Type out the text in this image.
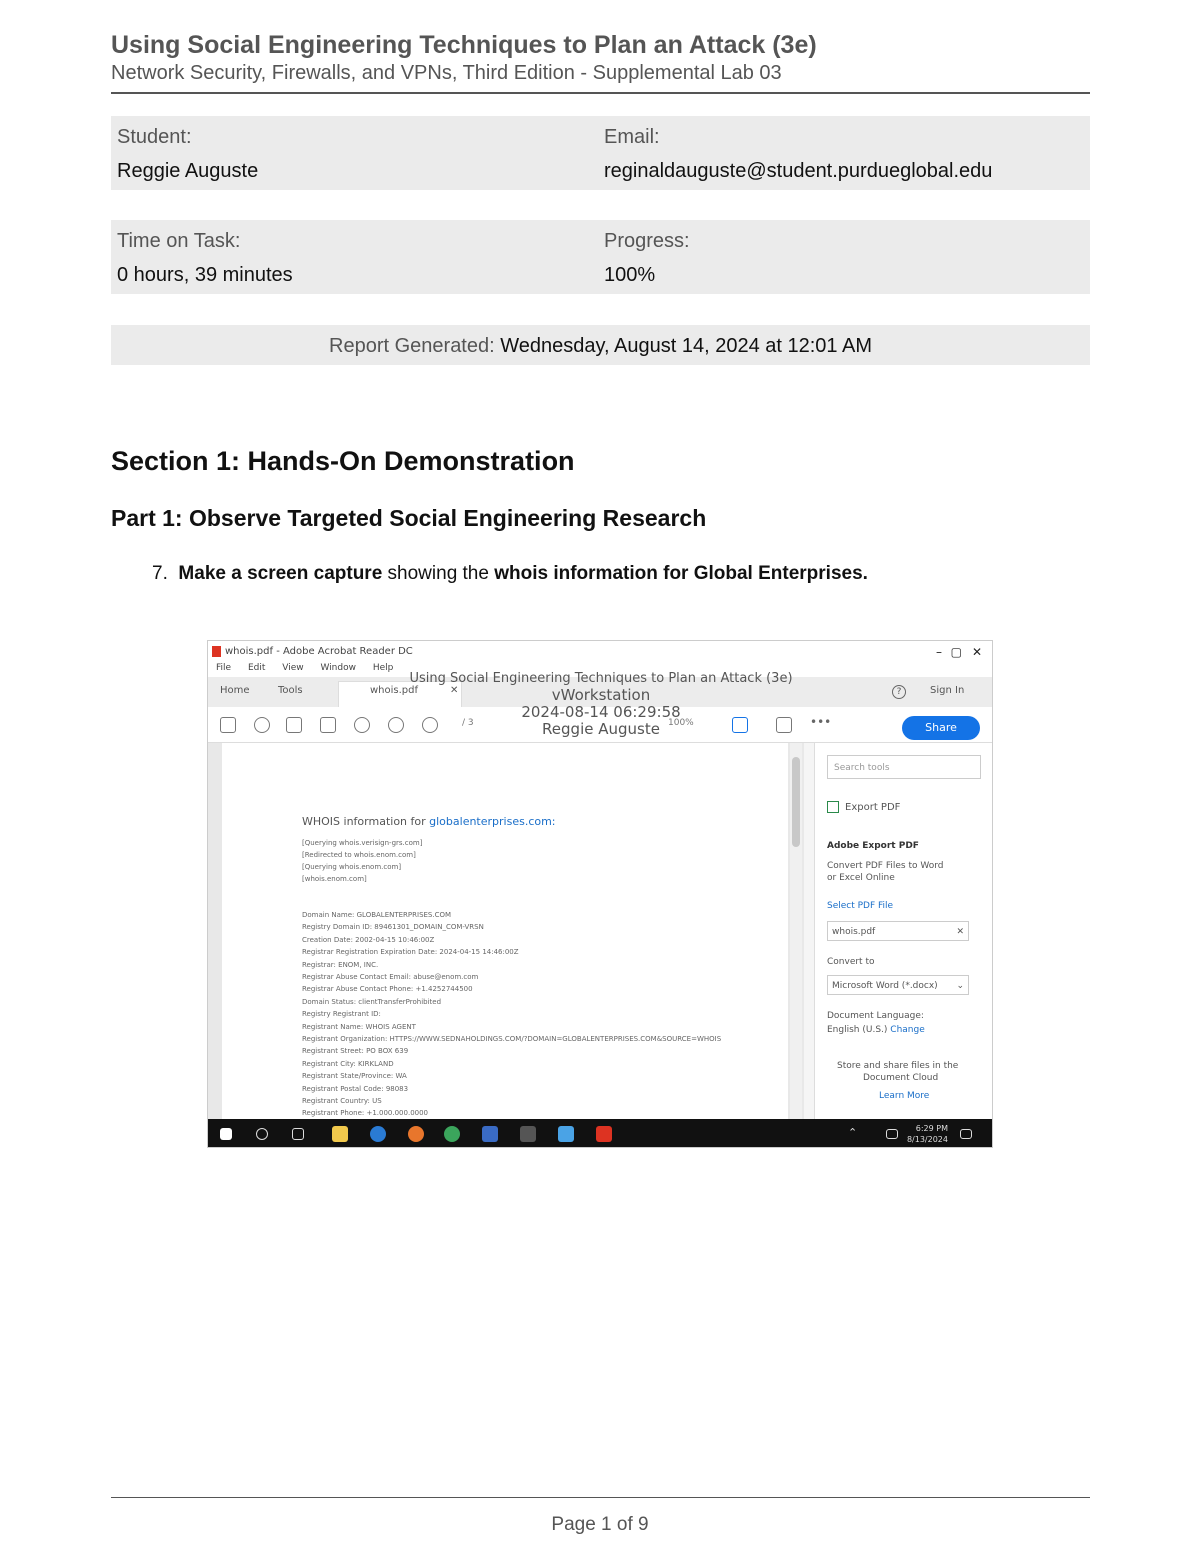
Using Social Engineering Techniques to Plan an Attack (3e)
Network Security, Firewalls, and VPNs, Third Edition - Supplemental Lab 03
Student:
Reggie Auguste
Email:
reginaldauguste@student.purdueglobal.edu
Time on Task:
0 hours, 39 minutes
Progress:
100%
Report Generated: Wednesday, August 14, 2024 at 12:01 AM
Section 1: Hands-On Demonstration
Part 1: Observe Targeted Social Engineering Research
7. Make a screen capture showing the whois information for Global Enterprises.
whois.pdf - Adobe Acrobat Reader DC	– ▢ ✕
File Edit View Window Help
Home	Tools	whois.pdf	✕	?	Sign In
/ 3	100%	•••	Share
Using Social Engineering Techniques to Plan an Attack (3e)
vWorkstation
2024-08-14 06:29:58
Reggie Auguste
WHOIS information for globalenterprises.com:
[Querying whois.verisign-grs.com]
[Redirected to whois.enom.com]
[Querying whois.enom.com]
[whois.enom.com]
Domain Name: GLOBALENTERPRISES.COM
Registry Domain ID: 89461301_DOMAIN_COM-VRSN
Creation Date: 2002-04-15 10:46:00Z
Registrar Registration Expiration Date: 2024-04-15 14:46:00Z
Registrar: ENOM, INC.
Registrar Abuse Contact Email: abuse@enom.com
Registrar Abuse Contact Phone: +1.4252744500
Domain Status: clientTransferProhibited
Registry Registrant ID:
Registrant Name: WHOIS AGENT
Registrant Organization: HTTPS://WWW.SEDNAHOLDINGS.COM/?DOMAIN=GLOBALENTERPRISES.COM&SOURCE=WHOIS
Registrant Street: PO BOX 639
Registrant City: KIRKLAND
Registrant State/Province: WA
Registrant Postal Code: 98083
Registrant Country: US
Registrant Phone: +1.000.000.0000
Search tools
Export PDF
Adobe Export PDF
Convert PDF Files to Word
or Excel Online
Select PDF File
whois.pdf	✕
Convert to
Microsoft Word (*.docx) ⌄
Document Language:
English (U.S.) Change
Store and share files in the
Document Cloud
Learn More
⌃	6:29 PM
8/13/2024
Page 1 of 9
